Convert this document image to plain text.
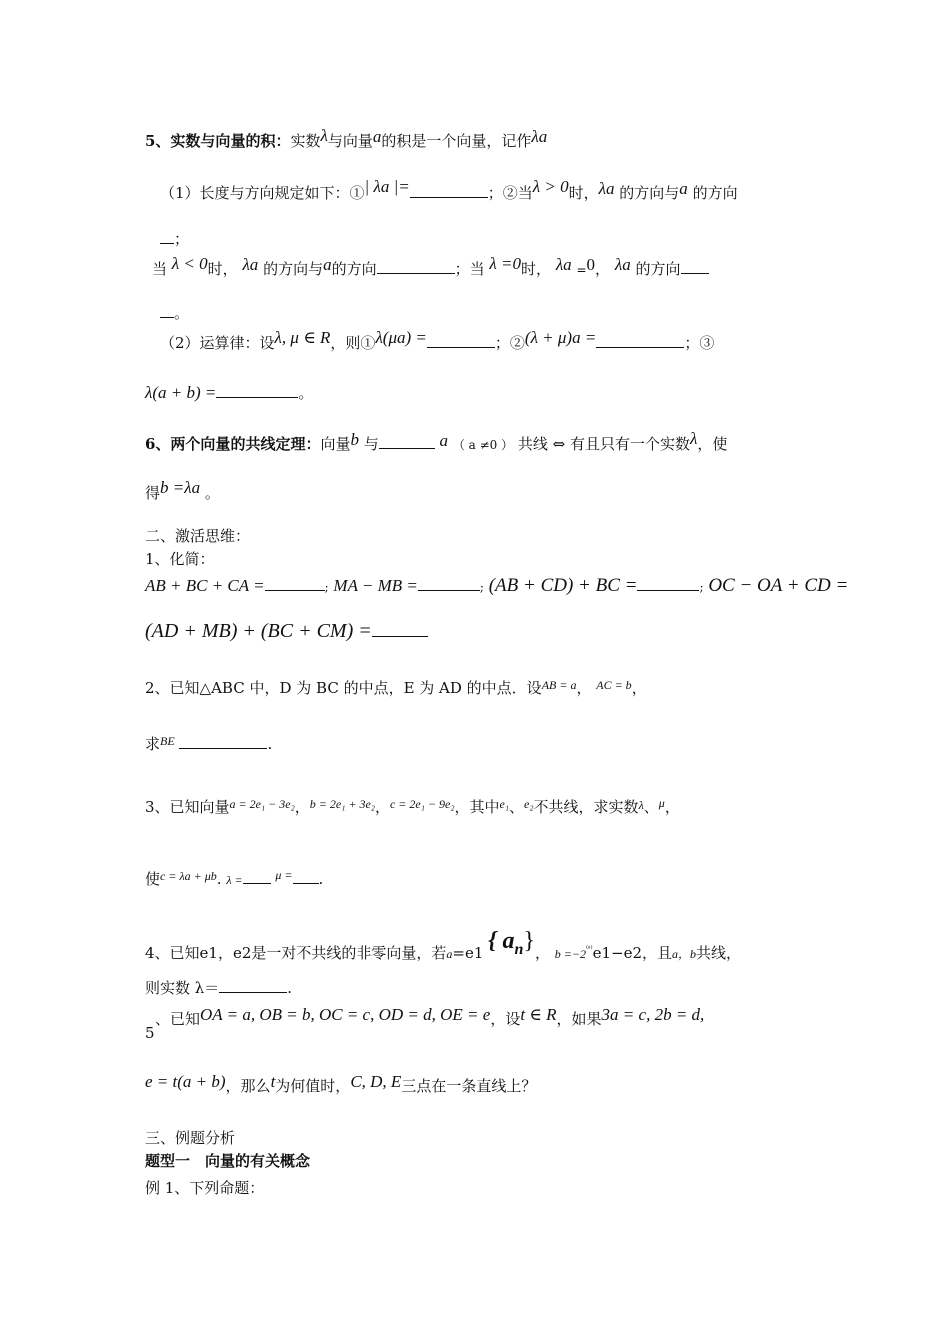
5、实数与向量的积：实数λ与向量a的积是一个向量，记作λa
（1）长度与方向规定如下：①| λa |=	；②当λ > 0时，λa 的方向与a 的方向
；
当 λ < 0时， λa 的方向与a的方向	；当 λ =0时， λa =0， λa 的方向
。
（2）运算律：设λ, μ ∈ R，则①λ(μa) =	；②(λ + μ)a =	；③
λ(a + b) =	。
6、两个向量的共线定理：向量b 与	a （ a ≠0 ） 共线 ⇔ 有且只有一个实数λ，使
得b =λa 。
二、激活思维：
1、化简：
AB + BC + CA =	; MA − MB =	; (AB + CD) + BC =	; OC − OA + CD =
(AD + MB) + (BC + CM) =
2、已知△ABC 中，D 为 BC 的中点，E 为 AD 的中点．设$^{AB = a}$， $^{AC = b}$，
求$^{BE}$	.
3、已知向量$^{a = 2e_1 - 3e_2}$，$^{b = 2e_1 + 3e_2}$，$^{c = 2e_1 - 9e_2}$，其中$^{e_1}$、$^{e_2}$不共线，求实数$^\lambda$、$^\mu$，
使$^{c = \lambda a + \mu b}$. λ =	$^{\mu =}$ .
4、已知e1，e2是一对不共线的非零向量，若a=e1 { $a_n$}， $b =-2^{^(ˢ^)}e1-e2$，且a，b共线，
则实数 λ＝	.
5
、已知OA = a, OB = b, OC = c, OD = d, OE = e，设t ∈ R，如果3a = c, 2b = d,
e = t(a + b)，那么t为何值时，C, D, E三点在一条直线上？
三、例题分析
题型一　向量的有关概念
例 1、下列命题：
